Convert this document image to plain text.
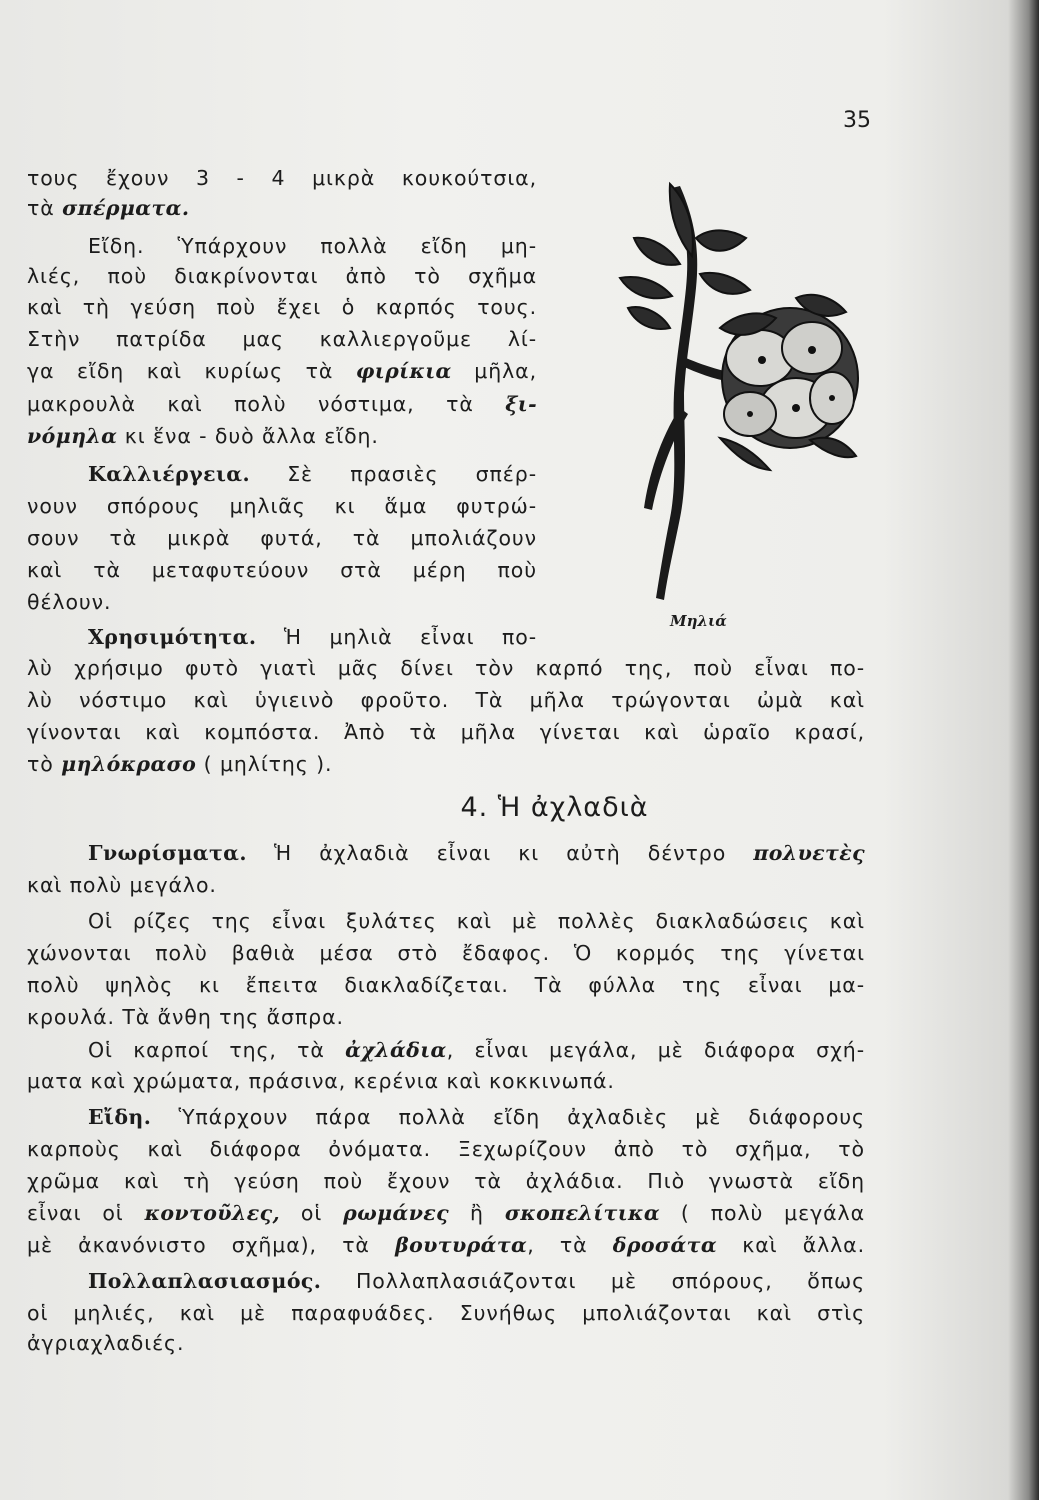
35
τους ἔχουν 3 - 4 μικρὰ κουκούτσια,
τὰ σπέρματα.
Εἴδη. Ὑπάρχουν πολλὰ εἴδη μη-
λιές, ποὺ διακρίνονται ἀπὸ τὸ σχῆμα
καὶ τὴ γεύση ποὺ ἔχει ὁ καρπός τους.
Στὴν πατρίδα μας καλλιεργοῦμε λί-
γα εἴδη καὶ κυρίως τὰ φιρίκια μῆλα,
μακρουλὰ καὶ πολὺ νόστιμα, τὰ ξι-
νόμηλα κι ἕνα - δυὸ ἄλλα εἴδη.
Καλλιέργεια. Σὲ πρασιὲς σπέρ-
νουν σπόρους μηλιᾶς κι ἅμα φυτρώ-
σουν τὰ μικρὰ φυτά, τὰ μπολιάζουν
καὶ τὰ μεταφυτεύουν στὰ μέρη ποὺ
θέλουν.
Χρησιμότητα. Ἡ μηλιὰ εἶναι πο-
λὺ χρήσιμο φυτὸ γιατὶ μᾶς δίνει τὸν καρπό της, ποὺ εἶναι πο-
λὺ νόστιμο καὶ ὑγιεινὸ φροῦτο. Τὰ μῆλα τρώγονται ὠμὰ καὶ
γίνονται καὶ κομπόστα. Ἀπὸ τὰ μῆλα γίνεται καὶ ὡραῖο κρασί,
τὸ μηλόκρασο ( μηλίτης ).
Γνωρίσματα. Ἡ ἀχλαδιὰ εἶναι κι αὐτὴ δέντρο πολυετὲς
καὶ πολὺ μεγάλο.
Οἱ ρίζες της εἶναι ξυλάτες καὶ μὲ πολλὲς διακλαδώσεις καὶ
χώνονται πολὺ βαθιὰ μέσα στὸ ἔδαφος. Ὁ κορμός της γίνεται
πολὺ ψηλὸς κι ἔπειτα διακλαδίζεται. Τὰ φύλλα της εἶναι μα-
κρουλά. Τὰ ἄνθη της ἄσπρα.
Οἱ καρποί της, τὰ ἀχλάδια, εἶναι μεγάλα, μὲ διάφορα σχή-
ματα καὶ χρώματα, πράσινα, κερένια καὶ κοκκινωπά.
Εἴδη. Ὑπάρχουν πάρα πολλὰ εἴδη ἀχλαδιὲς μὲ διάφορους
καρποὺς καὶ διάφορα ὀνόματα. Ξεχωρίζουν ἀπὸ τὸ σχῆμα, τὸ
χρῶμα καὶ τὴ γεύση ποὺ ἔχουν τὰ ἀχλάδια. Πιὸ γνωστὰ εἴδη
εἶναι οἱ κοντοῦλες, οἱ ρωμάνες ἢ σκοπελίτικα ( πολὺ μεγάλα
μὲ ἀκανόνιστο σχῆμα), τὰ βουτυράτα, τὰ δροσάτα καὶ ἄλλα.
Πολλαπλασιασμός. Πολλαπλασιάζονται μὲ σπόρους, ὅπως
οἱ μηλιές, καὶ μὲ παραφυάδες. Συνήθως μπολιάζονται καὶ στὶς
ἀγριαχλαδιές.
4. Ἡ ἀχλαδιὰ
Μηλιά
